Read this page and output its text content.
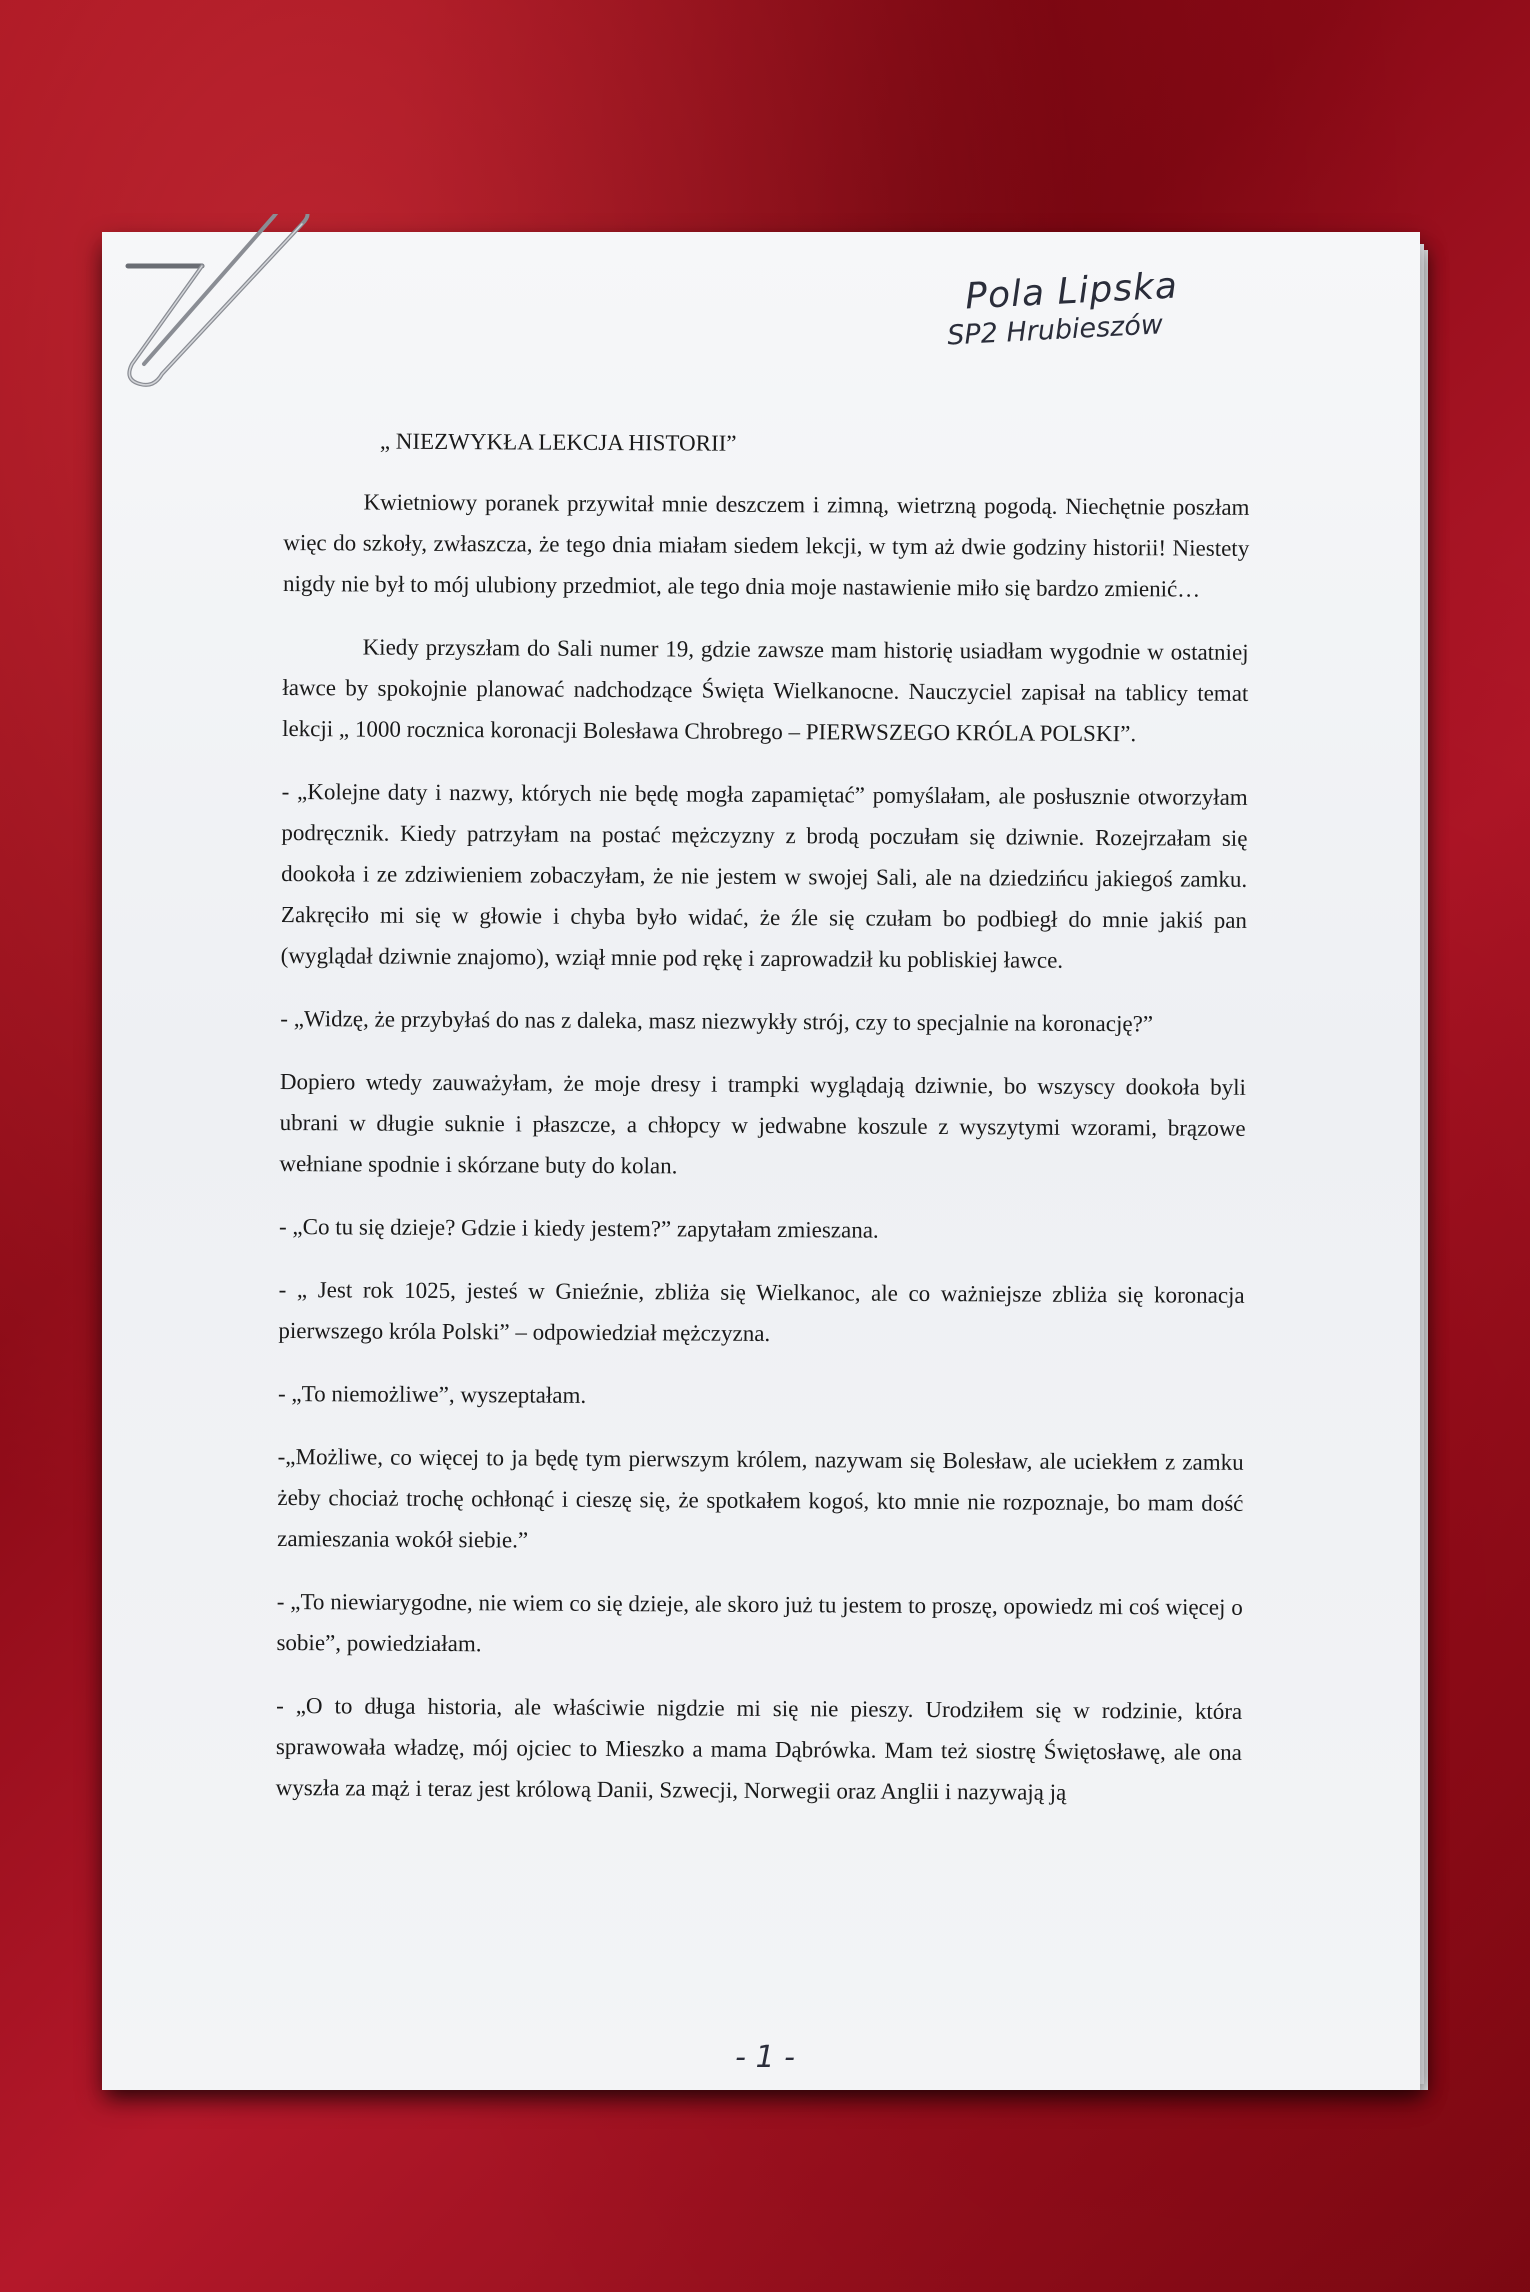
Pola Lipska
SP2 Hrubieszów
„ NIEZWYKŁA LEKCJA HISTORII”

Kwietniowy poranek przywitał mnie deszczem i zimną, wietrzną pogodą. Niechętnie poszłam więc do szkoły, zwłaszcza, że tego dnia miałam siedem lekcji, w tym aż dwie godziny historii! Niestety nigdy nie był to mój ulubiony przedmiot, ale tego dnia moje nastawienie miło się bardzo zmienić…

Kiedy przyszłam do Sali numer 19, gdzie zawsze mam historię usiadłam wygodnie w ostatniej ławce by spokojnie planować nadchodzące Święta Wielkanocne. Nauczyciel zapisał na tablicy temat lekcji „ 1000 rocznica koronacji Bolesława Chrobrego – PIERWSZEGO KRÓLA POLSKI”.

- „Kolejne daty i nazwy, których nie będę mogła zapamiętać” pomyślałam, ale posłusznie otworzyłam podręcznik. Kiedy patrzyłam na postać mężczyzny z brodą poczułam się dziwnie. Rozejrzałam się dookoła i ze zdziwieniem zobaczyłam, że nie jestem w swojej Sali, ale na dziedzińcu jakiegoś zamku. Zakręciło mi się w głowie i chyba było widać, że źle się czułam bo podbiegł do mnie jakiś pan (wyglądał dziwnie znajomo), wziął mnie pod rękę i zaprowadził ku pobliskiej ławce.

- „Widzę, że przybyłaś do nas z daleka, masz niezwykły strój, czy to specjalnie na koronację?”

Dopiero wtedy zauważyłam, że moje dresy i trampki wyglądają dziwnie, bo wszyscy dookoła byli ubrani w długie suknie i płaszcze, a chłopcy w jedwabne koszule z wyszytymi wzorami, brązowe wełniane spodnie i skórzane buty do kolan.

- „Co tu się dzieje? Gdzie i kiedy jestem?” zapytałam zmieszana.

- „ Jest rok 1025, jesteś w Gnieźnie, zbliża się Wielkanoc, ale co ważniejsze zbliża się koronacja pierwszego króla Polski” – odpowiedział mężczyzna.

- „To niemożliwe”, wyszeptałam.

-„Możliwe, co więcej to ja będę tym pierwszym królem, nazywam się Bolesław, ale uciekłem z zamku żeby chociaż trochę ochłonąć i cieszę się, że spotkałem kogoś, kto mnie nie rozpoznaje, bo mam dość zamieszania wokół siebie.”

- „To niewiarygodne, nie wiem co się dzieje, ale skoro już tu jestem to proszę, opowiedz mi coś więcej o sobie”, powiedziałam.

- „O to długa historia, ale właściwie nigdzie mi się nie pieszy. Urodziłem się w rodzinie, która sprawowała władzę, mój ojciec to Mieszko a mama Dąbrówka. Mam też siostrę Świętosławę, ale ona wyszła za mąż i teraz jest królową Danii, Szwecji, Norwegii oraz Anglii i nazywają ją

- 1 -
